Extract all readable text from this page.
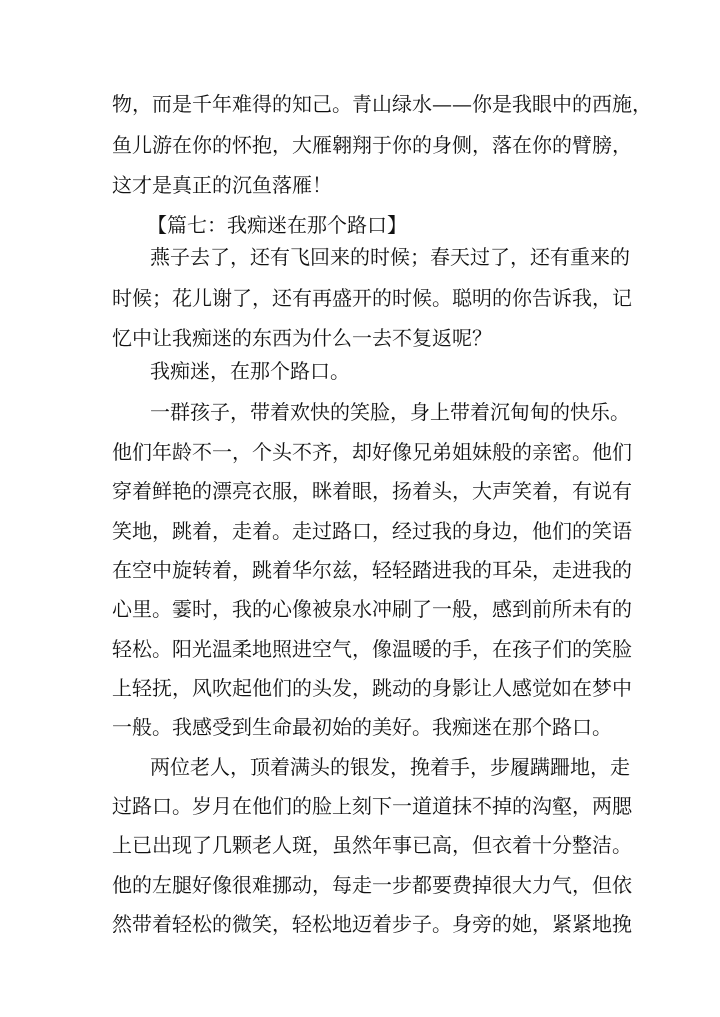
物，而是千年难得的知己。青山绿水——你是我眼中的西施，
鱼儿游在你的怀抱，大雁翱翔于你的身侧，落在你的臂膀，
这才是真正的沉鱼落雁！
【篇七：我痴迷在那个路口】
燕子去了，还有飞回来的时候；春天过了，还有重来的
时候；花儿谢了，还有再盛开的时候。聪明的你告诉我，记
忆中让我痴迷的东西为什么一去不复返呢？
我痴迷，在那个路口。
一群孩子，带着欢快的笑脸，身上带着沉甸甸的快乐。
他们年龄不一，个头不齐，却好像兄弟姐妹般的亲密。他们
穿着鲜艳的漂亮衣服，眯着眼，扬着头，大声笑着，有说有
笑地，跳着，走着。走过路口，经过我的身边，他们的笑语
在空中旋转着，跳着华尔兹，轻轻踏进我的耳朵，走进我的
心里。霎时，我的心像被泉水冲刷了一般，感到前所未有的
轻松。阳光温柔地照进空气，像温暖的手，在孩子们的笑脸
上轻抚，风吹起他们的头发，跳动的身影让人感觉如在梦中
一般。我感受到生命最初始的美好。我痴迷在那个路口。
两位老人，顶着满头的银发，挽着手，步履蹒跚地，走
过路口。岁月在他们的脸上刻下一道道抹不掉的沟壑，两腮
上已出现了几颗老人斑，虽然年事已高，但衣着十分整洁。
他的左腿好像很难挪动，每走一步都要费掉很大力气，但依
然带着轻松的微笑，轻松地迈着步子。身旁的她，紧紧地挽
